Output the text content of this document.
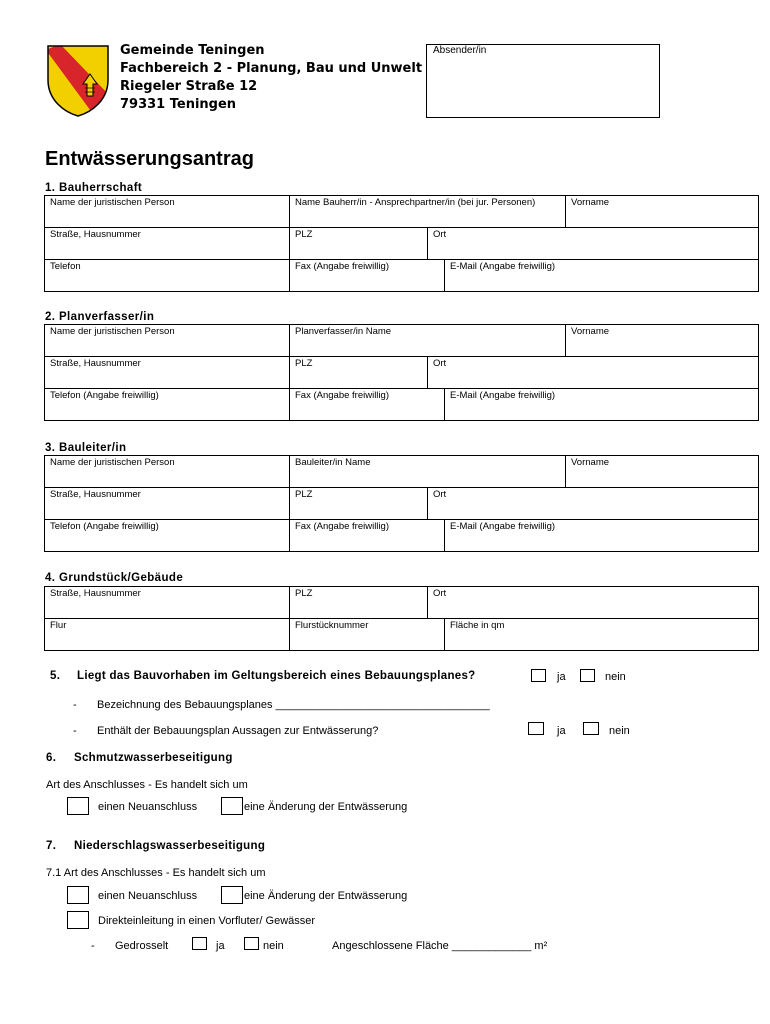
Gemeinde Teningen
Fachbereich 2 - Planung, Bau und Unwelt
Riegeler Straße 12
79331 Teningen
Absender/in
Entwässerungsantrag
1. Bauherrschaft
Name der juristischen Person	Name Bauherr/in - Ansprechpartner/in (bei jur. Personen)			Vorname
Straße, Hausnummer	PLZ	Ort		
Telefon	Fax (Angabe freiwillig)		E-Mail (Angabe freiwillig)	
2. Planverfasser/in
Name der juristischen Person	Planverfasser/in Name			Vorname
Straße, Hausnummer	PLZ	Ort		
Telefon (Angabe freiwillig)	Fax (Angabe freiwillig)		E-Mail (Angabe freiwillig)	
3. Bauleiter/in
Name der juristischen Person	Bauleiter/in Name			Vorname
Straße, Hausnummer	PLZ	Ort		
Telefon (Angabe freiwillig)	Fax (Angabe freiwillig)		E-Mail (Angabe freiwillig)	
4. Grundstück/Gebäude
Straße, Hausnummer	PLZ	Ort	
Flur	Flurstücknummer		Fläche in qm
5. Liegt das Bauvorhaben im Geltungsbereich eines Bebauungsplanes?	ja	nein
- Bezeichnung des Bebauungsplanes ___________________________________
- Enthält der Bebauungsplan Aussagen zur Entwässerung?	ja	nein
6. Schmutzwasserbeseitigung
Art des Anschlusses - Es handelt sich um
einen Neuanschluss	eine Änderung der Entwässerung
7. Niederschlagswasserbeseitigung
7.1 Art des Anschlusses - Es handelt sich um
einen Neuanschluss	eine Änderung der Entwässerung
Direkteinleitung in einen Vorfluter/ Gewässer
- Gedrosselt	ja	nein	Angeschlossene Fläche _____________ m²
